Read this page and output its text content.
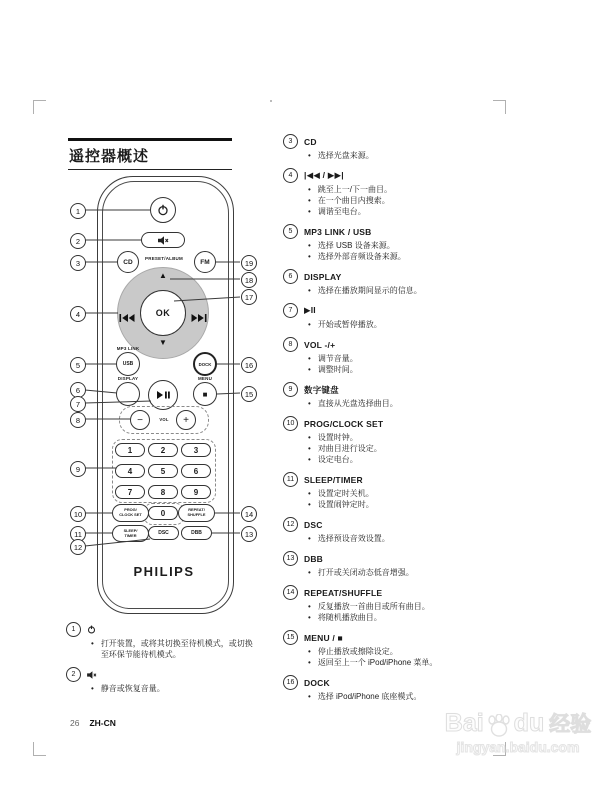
遥控器概述
CD	FM
PRESET/ALBUM
▲
▼
OK
MP3 LINK
USB	DOCK
DISPLAY	MENU
■
−	VOL	+
1	2	3
4	5	6
7	8	9
0
PROG/
CLOCK SET
REPEAT/
SHUFFLE
SLEEP/
TIMER	DSC	DBB
PHILIPS
1
2
3
4
5
6
7
8
9
10
11
12
13
14
15
16
17
18
19
3	CD
• 选择光盘来源。
4	|◀◀ / ▶▶|
• 跳至上一/下一曲目。
• 在一个曲目内搜索。
• 调谐至电台。
5	MP3 LINK / USB
• 选择 USB 设备来源。
• 选择外部音频设备来源。
6	DISPLAY
• 选择在播放期间显示的信息。
7	▶II
• 开始或暂停播放。
8	VOL -/+
• 调节音量。
• 调整时间。
9	数字键盘
• 直接从光盘选择曲目。
10	PROG/CLOCK SET
• 设置时钟。
• 对曲目进行设定。
• 设定电台。
11	SLEEP/TIMER
• 设置定时关机。
• 设置闹钟定时。
12	DSC
• 选择预设音效设置。
13	DBB
• 打开或关闭动态低音增强。
14	REPEAT/SHUFFLE
• 反复播放一首曲目或所有曲目。
• 将随机播放曲目。
15	MENU / ■
• 停止播放或擦除设定。
• 返回至上一个 iPod/iPhone 菜单。
16	DOCK
• 选择 iPod/iPhone 底座模式。
1
• 打开装置，或将其切换至待机模式，或切换至环保节能待机模式。
2
• 静音或恢复音量。
26 ZH-CN	Bai du 经验
jingyan.baidu.com
